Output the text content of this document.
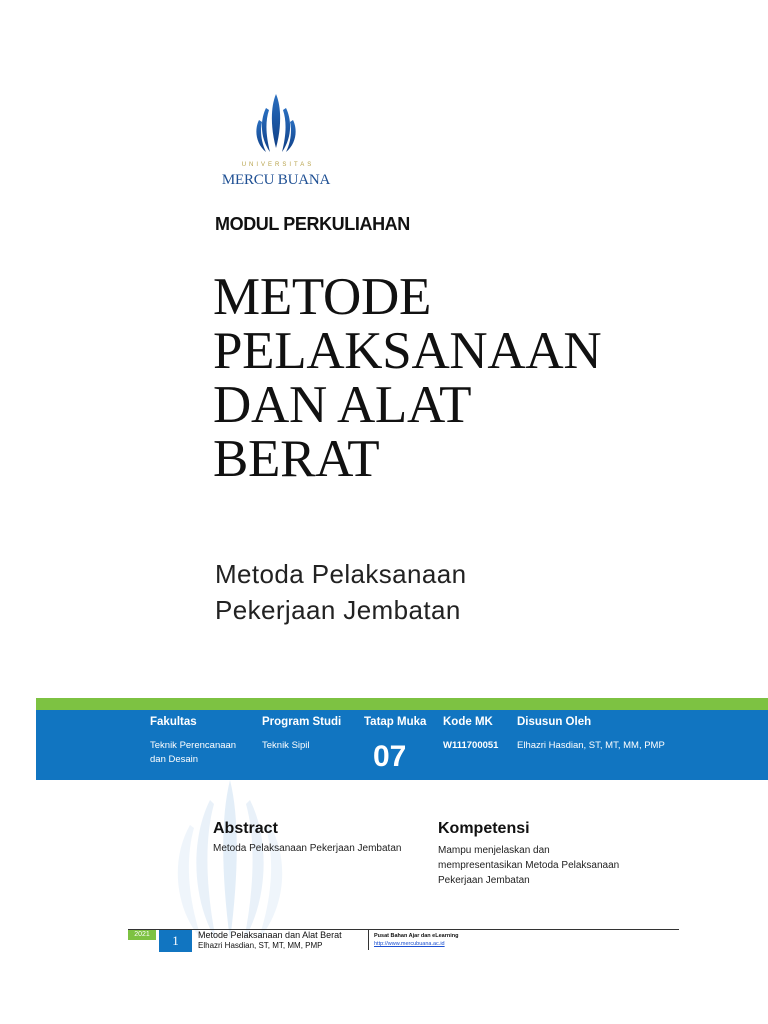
UNIVERSITAS
MERCU BUANA
MODUL PERKULIAHAN
METODE
PELAKSANAAN
DAN ALAT
BERAT
Metoda Pelaksanaan
Pekerjaan Jembatan
Fakultas
Teknik Perencanaan
dan Desain
Program Studi
Teknik Sipil
Tatap Muka
07
Kode MK
W111700051
Disusun Oleh
Elhazri Hasdian, ST, MT, MM, PMP
Abstract
Metoda Pelaksanaan Pekerjaan Jembatan
Kompetensi
Mampu menjelaskan dan
mempresentasikan Metoda Pelaksanaan
Pekerjaan Jembatan
2021	1	Metode Pelaksanaan dan Alat Berat
Elhazri Hasdian, ST, MT, MM, PMP
Pusat Bahan Ajar dan eLearning
http://www.mercubuana.ac.id
